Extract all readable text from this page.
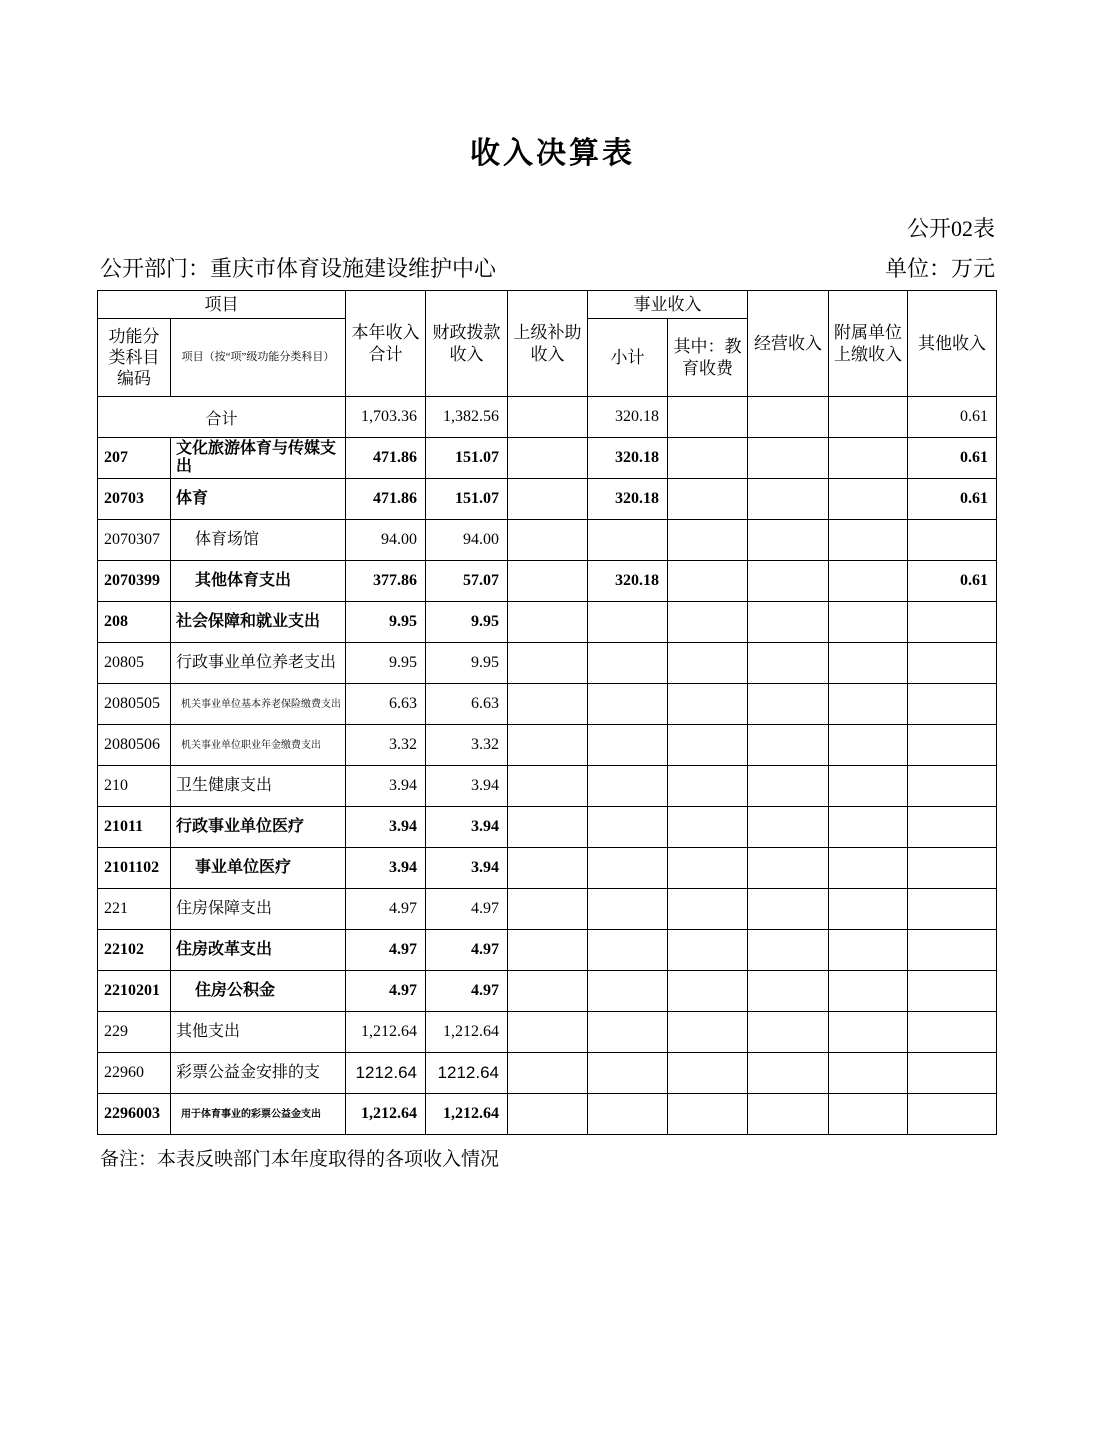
收入决算表
公开02表
公开部门：重庆市体育设施建设维护中心	单位：万元
项目		本年收入合计	财政拨款收入	上级补助收入	事业收入		经营收入	附属单位上缴收入	其他收入
功能分类科目编码	项目（按“项”级功能分类科目）				小计	其中：教育收费			
合计		1,703.36	1,382.56		320.18				0.61
207	文化旅游体育与传媒支出	471.86	151.07		320.18				0.61
20703	体育	471.86	151.07		320.18				0.61
2070307	体育场馆	94.00	94.00						
2070399	其他体育支出	377.86	57.07		320.18				0.61
208	社会保障和就业支出	9.95	9.95						
20805	行政事业单位养老支出	9.95	9.95						
2080505	机关事业单位基本养老保险缴费支出	6.63	6.63						
2080506	机关事业单位职业年金缴费支出	3.32	3.32						
210	卫生健康支出	3.94	3.94						
21011	行政事业单位医疗	3.94	3.94						
2101102	事业单位医疗	3.94	3.94						
221	住房保障支出	4.97	4.97						
22102	住房改革支出	4.97	4.97						
2210201	住房公积金	4.97	4.97						
229	其他支出	1,212.64	1,212.64						
22960	彩票公益金安排的支	1212.64	1212.64						
2296003	用于体育事业的彩票公益金支出	1,212.64	1,212.64						
备注：本表反映部门本年度取得的各项收入情况
